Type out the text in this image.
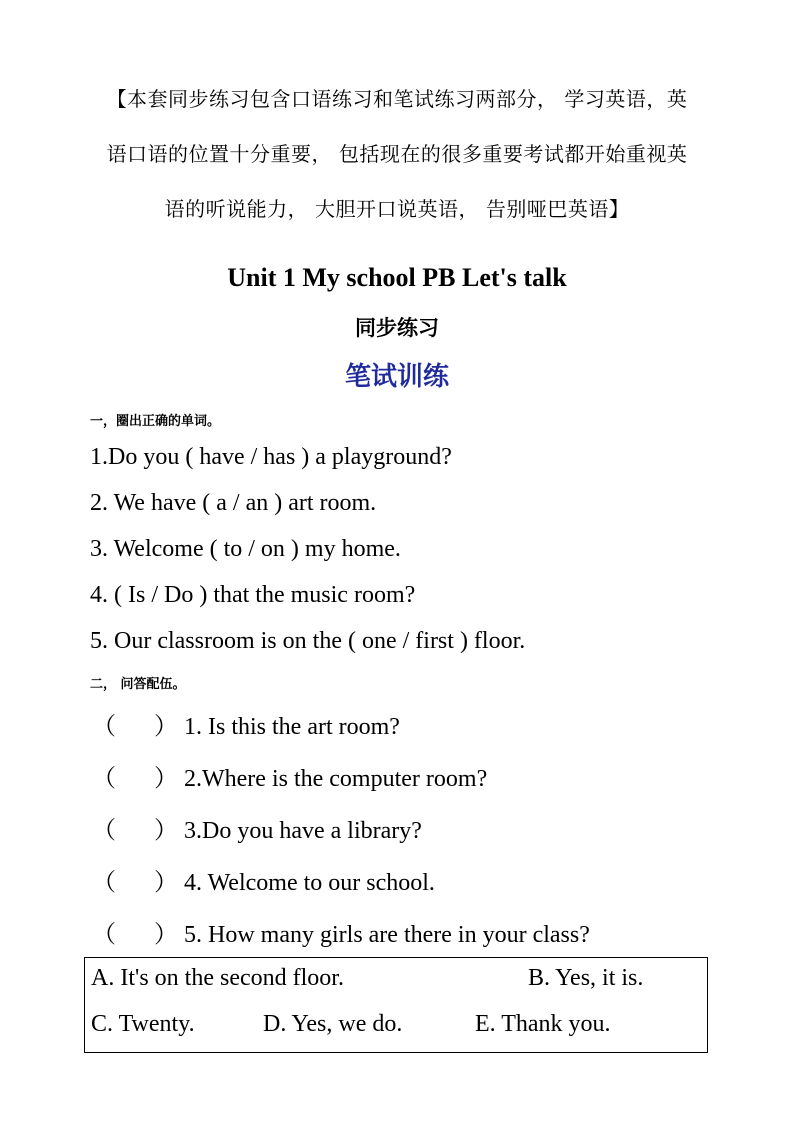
【本套同步练习包含口语练习和笔试练习两部分， 学习英语，英
语口语的位置十分重要， 包括现在的很多重要考试都开始重视英
语的听说能力， 大胆开口说英语， 告别哑巴英语】
Unit 1 My school PB Let's talk
同步练习
笔试训练
一，圈出正确的单词。
1.Do you ( have / has ) a playground?
2. We have ( a / an ) art room.
3. Welcome ( to / on ) my home.
4. ( Is / Do ) that the music room?
5. Our classroom is on the ( one / first ) floor.
二， 问答配伍。
（ ） 1. Is this the art room?
（ ） 2.Where is the computer room?
（ ） 3.Do you have a library?
（ ） 4. Welcome to our school.
（ ） 5. How many girls are there in your class?
A. It's on the second floor.	B. Yes, it is.
C. Twenty.	D. Yes, we do.	E. Thank you.
